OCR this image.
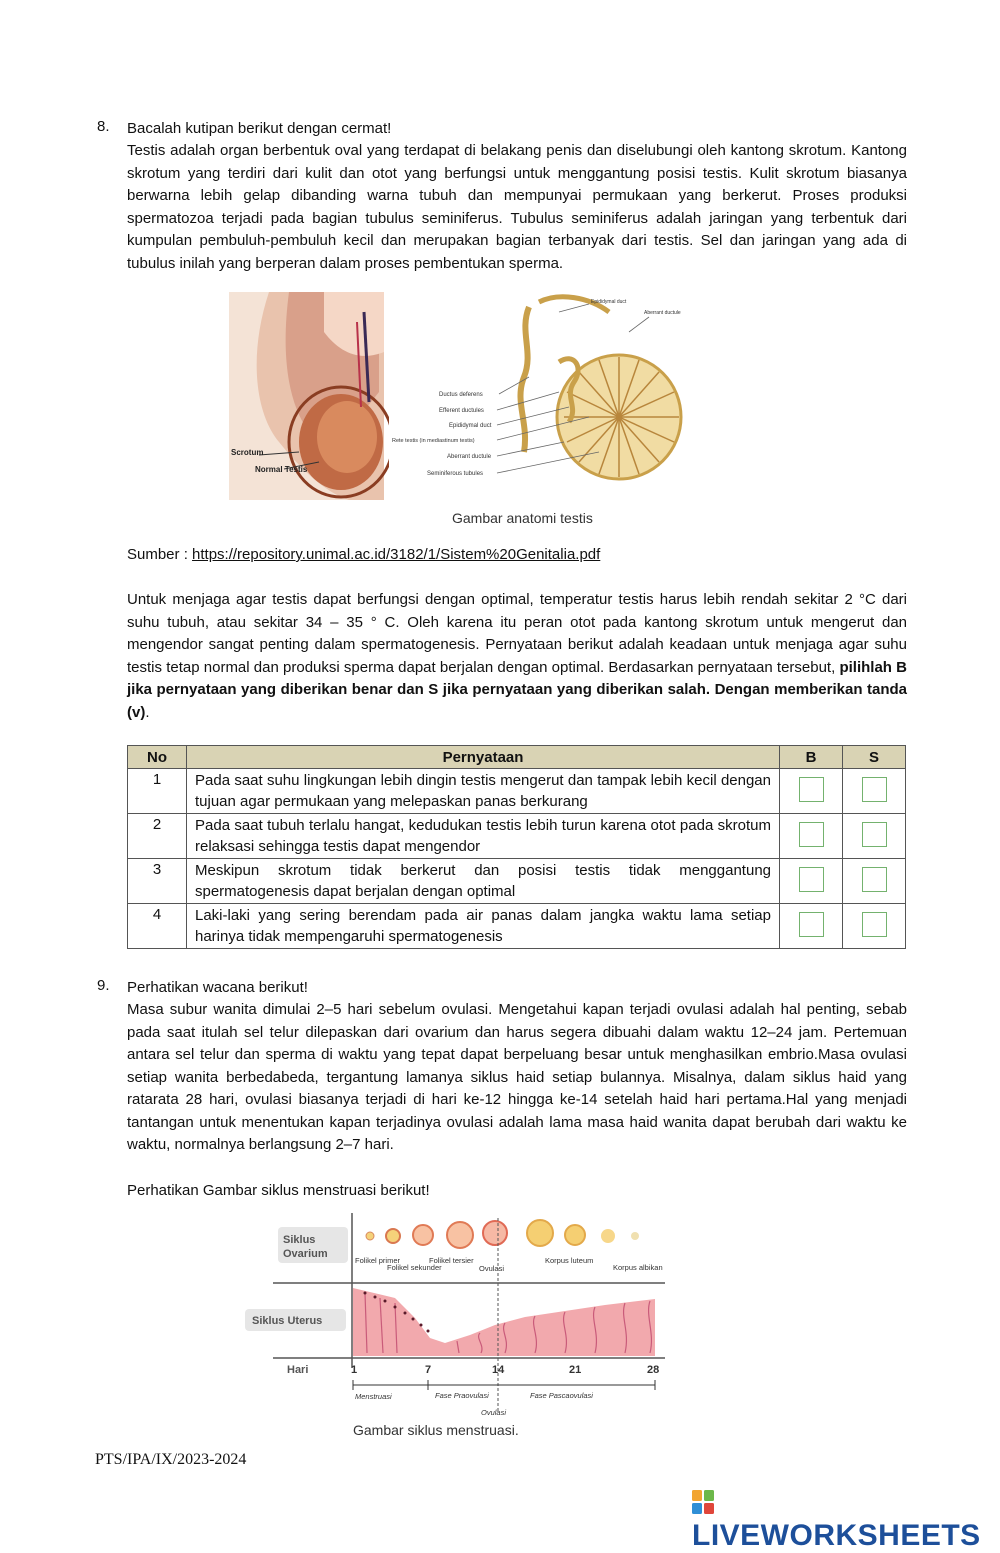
8. Bacalah kutipan berikut dengan cermat!
Testis adalah organ berbentuk oval yang terdapat di belakang penis dan diselubungi oleh kantong skrotum. Kantong skrotum yang terdiri dari kulit dan otot yang berfungsi untuk menggantung posisi testis. Kulit skrotum biasanya berwarna lebih gelap dibanding warna tubuh dan mempunyai permukaan yang berkerut. Proses produksi spermatozoa terjadi pada bagian tubulus seminiferus. Tubulus seminiferus adalah jaringan yang terbentuk dari kumpulan pembuluh-pembuluh kecil dan merupakan bagian terbanyak dari testis. Sel dan jaringan yang ada di tubulus inilah yang berperan dalam proses pembentukan sperma.
Scrotum
Normal Testis
Ductus deferens
Efferent ductules
Epididymal duct
Rete testis (in mediastinum testis)
Aberrant ductule
Seminiferous tubules
Epididymal duct
Aberrant ductule
Gambar anatomi testis
Sumber : https://repository.unimal.ac.id/3182/1/Sistem%20Genitalia.pdf
Untuk menjaga agar testis dapat berfungsi dengan optimal, temperatur testis harus lebih rendah sekitar 2 °C dari suhu tubuh, atau sekitar 34 – 35 ° C. Oleh karena itu peran otot pada kantong skrotum untuk mengerut dan mengendor sangat penting dalam spermatogenesis. Pernyataan berikut adalah keadaan untuk menjaga agar suhu testis tetap normal dan produksi sperma dapat berjalan dengan optimal. Berdasarkan pernyataan tersebut, pilihlah B jika pernyataan yang diberikan benar dan S jika pernyataan yang diberikan salah. Dengan memberikan tanda (v).
No	Pernyataan	B	S
1	Pada saat suhu lingkungan lebih dingin testis mengerut dan tampak lebih kecil dengan tujuan agar permukaan yang melepaskan panas berkurang		
2	Pada saat tubuh terlalu hangat, kedudukan testis lebih turun karena otot pada skrotum relaksasi sehingga testis dapat mengendor		
3	Meskipun skrotum tidak berkerut dan posisi testis tidak menggantung spermatogenesis dapat berjalan dengan optimal		
4	Laki-laki yang sering berendam pada air panas dalam jangka waktu lama setiap harinya tidak mempengaruhi spermatogenesis		
9. Perhatikan wacana berikut!
Masa subur wanita dimulai 2–5 hari sebelum ovulasi. Mengetahui kapan terjadi ovulasi adalah hal penting, sebab pada saat itulah sel telur dilepaskan dari ovarium dan harus segera dibuahi dalam waktu 12–24 jam. Pertemuan antara sel telur dan sperma di waktu yang tepat dapat berpeluang besar untuk menghasilkan embrio.Masa ovulasi setiap wanita berbedabeda, tergantung lamanya siklus haid setiap bulannya. Misalnya, dalam siklus haid yang ratarata 28 hari, ovulasi biasanya terjadi di hari ke-12 hingga ke-14 setelah haid hari pertama.Hal yang menjadi tantangan untuk menentukan kapan terjadinya ovulasi adalah lama masa haid wanita dapat berubah dari waktu ke waktu, normalnya berlangsung 2–7 hari.
Perhatikan Gambar siklus menstruasi berikut!
Siklus
Ovarium
Folikel primer
Folikel sekunder
Folikel tersier
Ovulasi
Korpus luteum
Korpus albikan
Siklus Uterus
Hari	1	7	14	21	28
Menstruasi	Fase Praovulasi	Fase Pascaovulasi
Ovulasi
Gambar siklus menstruasi.
PTS/IPA/IX/2023-2024
LIVEWORKSHEETS
